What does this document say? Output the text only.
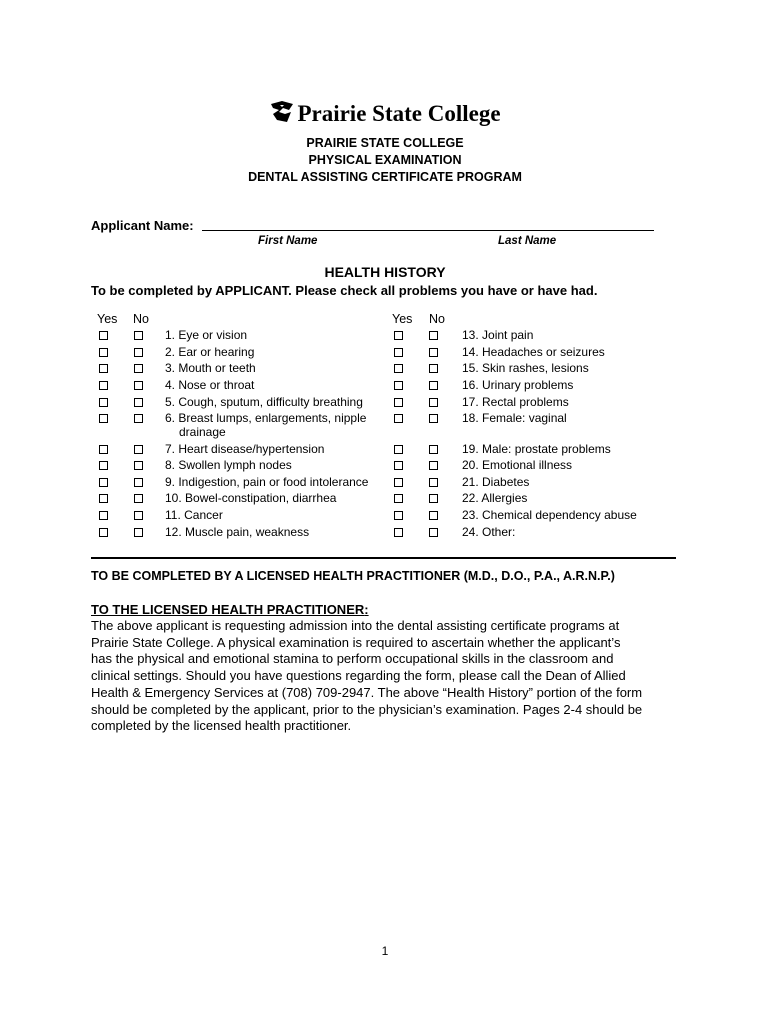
Prairie State College
PRAIRIE STATE COLLEGE
PHYSICAL EXAMINATION
DENTAL ASSISTING CERTIFICATE PROGRAM
Applicant Name:
First Name	Last Name
HEALTH HISTORY
To be completed by APPLICANT. Please check all problems you have or have had.
Yes No	Yes No
1. Eye or vision
2. Ear or hearing
3. Mouth or teeth
4. Nose or throat
5. Cough, sputum, difficulty breathing
6. Breast lumps, enlargements, nipple
drainage
7. Heart disease/hypertension
8. Swollen lymph nodes
9. Indigestion, pain or food intolerance
10. Bowel-constipation, diarrhea
11. Cancer
12. Muscle pain, weakness
13. Joint pain
14. Headaches or seizures
15. Skin rashes, lesions
16. Urinary problems
17. Rectal problems
18. Female: vaginal
19. Male: prostate problems
20. Emotional illness
21. Diabetes
22. Allergies
23. Chemical dependency abuse
24. Other:
TO BE COMPLETED BY A LICENSED HEALTH PRACTITIONER (M.D., D.O., P.A., A.R.N.P.)
TO THE LICENSED HEALTH PRACTITIONER:
The above applicant is requesting admission into the dental assisting certificate programs at
Prairie State College. A physical examination is required to ascertain whether the applicant’s
has the physical and emotional stamina to perform occupational skills in the classroom and
clinical settings. Should you have questions regarding the form, please call the Dean of Allied
Health & Emergency Services at (708) 709-2947. The above “Health History” portion of the form
should be completed by the applicant, prior to the physician’s examination. Pages 2-4 should be
completed by the licensed health practitioner.
1
